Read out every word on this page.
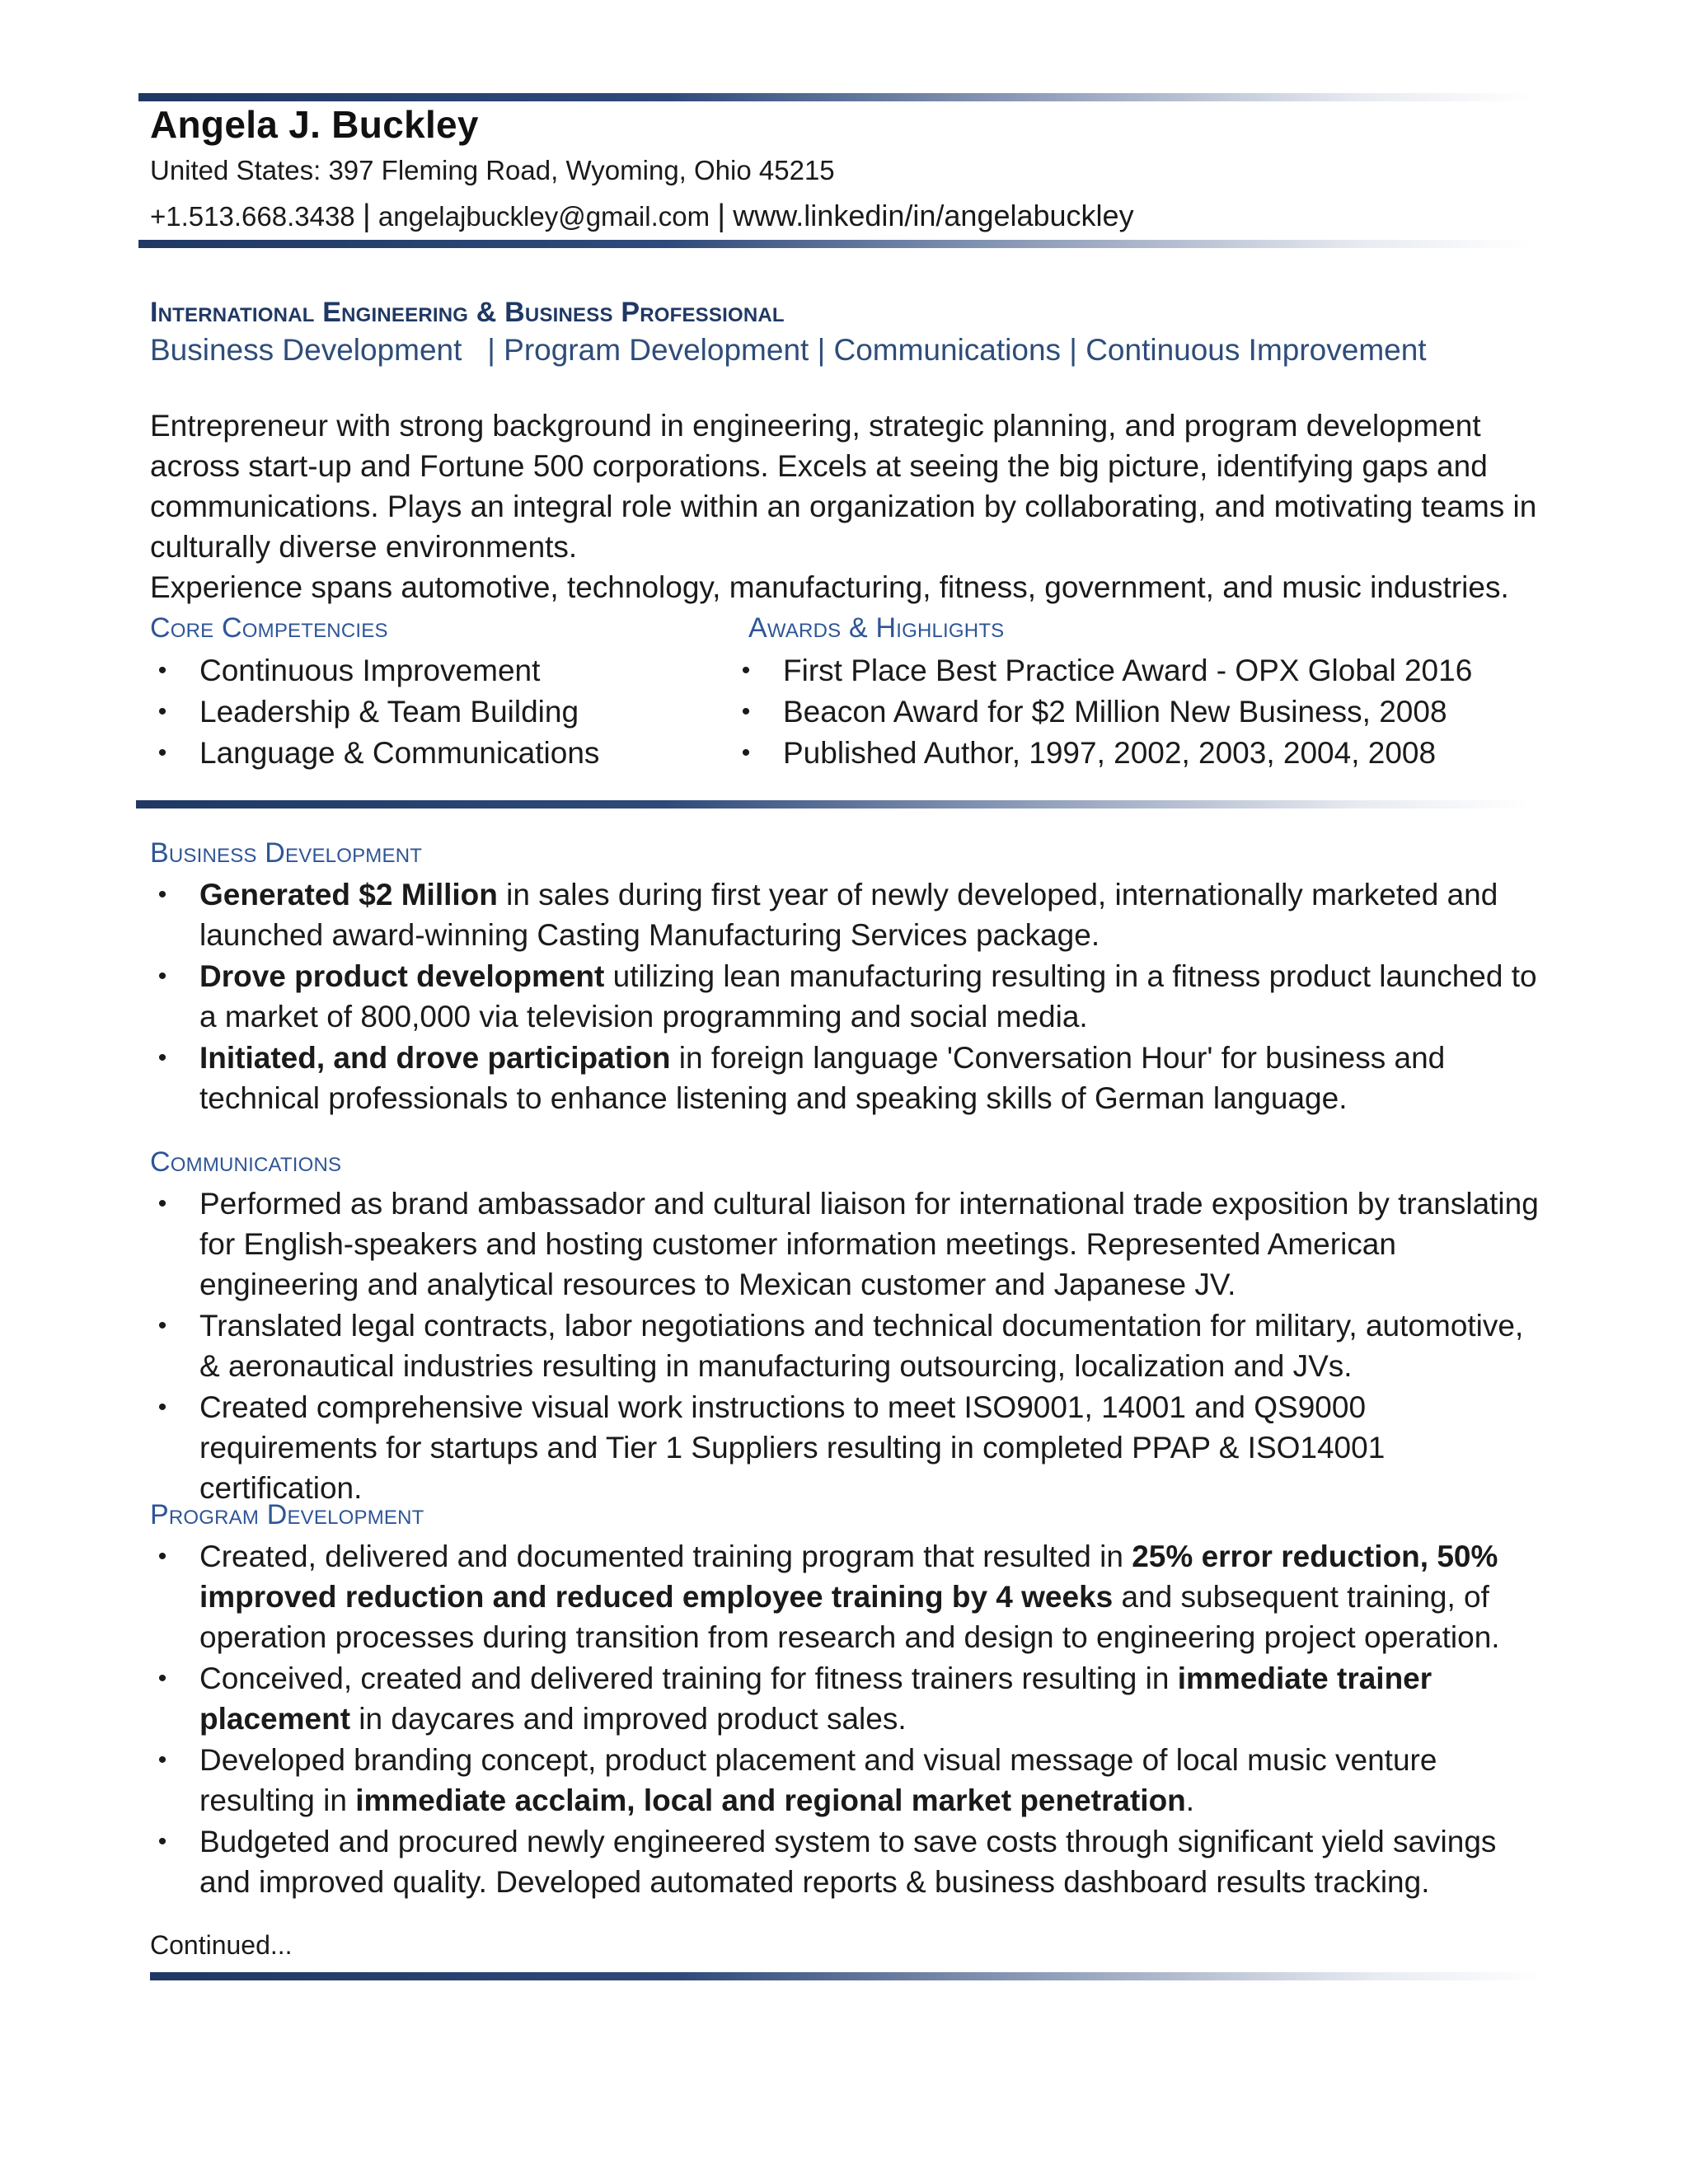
Angela J. Buckley
United States: 397 Fleming Road, Wyoming, Ohio 45215
+1.513.668.3438 | angelajbuckley@gmail.com | www.linkedin/in/angelabuckley
International Engineering & Business Professional
Business Development   | Program Development | Communications | Continuous Improvement

Entrepreneur with strong background in engineering, strategic planning, and program development across start-up and Fortune 500 corporations. Excels at seeing the big picture, identifying gaps and communications. Plays an integral role within an organization by collaborating, and motivating teams in culturally diverse environments.

Experience spans automotive, technology, manufacturing, fitness, government, and music industries.

Core Competencies
• Continuous Improvement
• Leadership & Team Building
• Language & Communications
Awards & Highlights
• First Place Best Practice Award - OPX Global 2016
• Beacon Award for $2 Million New Business, 2008
• Published Author, 1997, 2002, 2003, 2004, 2008
Business Development
• Generated $2 Million in sales during first year of newly developed, internationally marketed and launched award-winning Casting Manufacturing Services package.
• Drove product development utilizing lean manufacturing resulting in a fitness product launched to a market of 800,000 via television programming and social media.
• Initiated, and drove participation in foreign language 'Conversation Hour' for business and technical professionals to enhance listening and speaking skills of German language.
Communications
• Performed as brand ambassador and cultural liaison for international trade exposition by translating for English-speakers and hosting customer information meetings. Represented American engineering and analytical resources to Mexican customer and Japanese JV.
• Translated legal contracts, labor negotiations and technical documentation for military, automotive, & aeronautical industries resulting in manufacturing outsourcing, localization and JVs.
• Created comprehensive visual work instructions to meet ISO9001, 14001 and QS9000 requirements for startups and Tier 1 Suppliers resulting in completed PPAP & ISO14001 certification.
Program Development
• Created, delivered and documented training program that resulted in 25% error reduction, 50% improved reduction and reduced employee training by 4 weeks and subsequent training, of operation processes during transition from research and design to engineering project operation.
• Conceived, created and delivered training for fitness trainers resulting in immediate trainer placement in daycares and improved product sales.
• Developed branding concept, product placement and visual message of local music venture resulting in immediate acclaim, local and regional market penetration.
• Budgeted and procured newly engineered system to save costs through significant yield savings and improved quality. Developed automated reports & business dashboard results tracking.
Continued...
